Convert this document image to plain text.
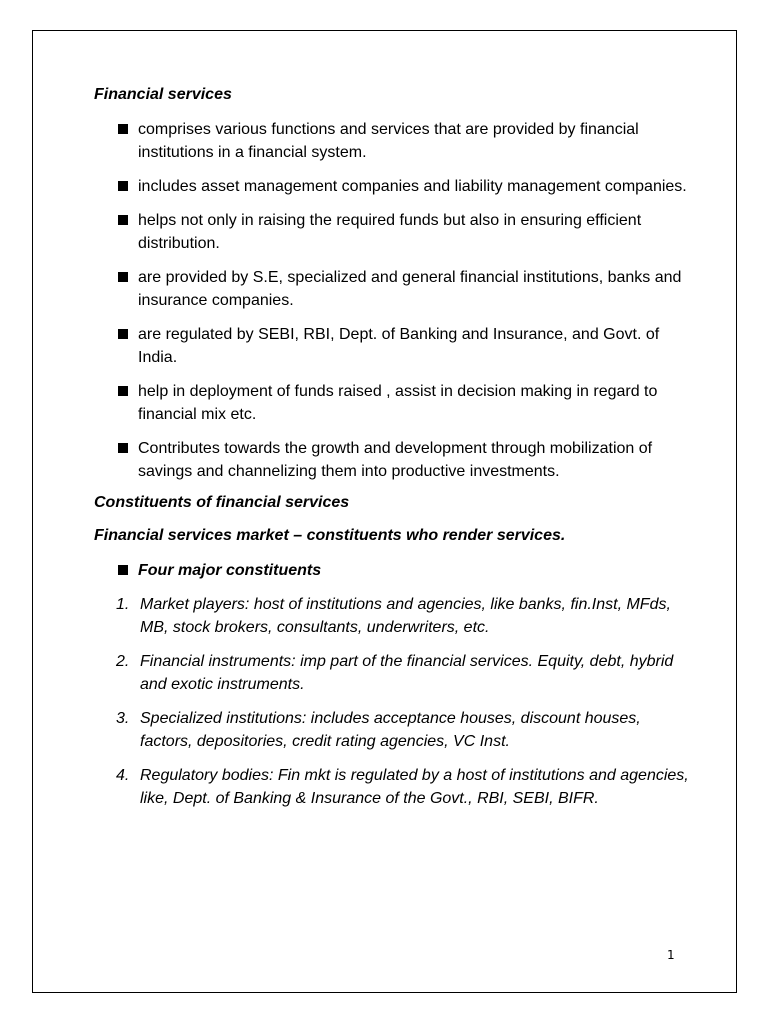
Financial services
comprises various functions and services that are provided by financial institutions in a financial system.
includes asset management companies and liability management companies.
helps not only in raising the required funds but also in ensuring efficient distribution.
are provided by S.E, specialized and general financial institutions, banks and insurance companies.
are regulated by SEBI, RBI, Dept. of Banking and Insurance, and Govt. of India.
help in deployment of funds raised , assist in decision making in regard to financial mix etc.
Contributes towards the growth and development through mobilization of savings and channelizing them into productive investments.
Constituents of financial services
Financial services market – constituents who render services.
Four major constituents
1. Market players: host of institutions and agencies, like banks, fin.Inst, MFds, MB, stock brokers, consultants, underwriters, etc.
2. Financial instruments: imp part of the financial services. Equity, debt, hybrid and exotic instruments.
3. Specialized institutions: includes acceptance houses, discount houses, factors, depositories, credit rating agencies, VC Inst.
4. Regulatory bodies: Fin mkt is regulated by a host of institutions and agencies, like, Dept. of Banking & Insurance of the Govt., RBI, SEBI, BIFR.
1
